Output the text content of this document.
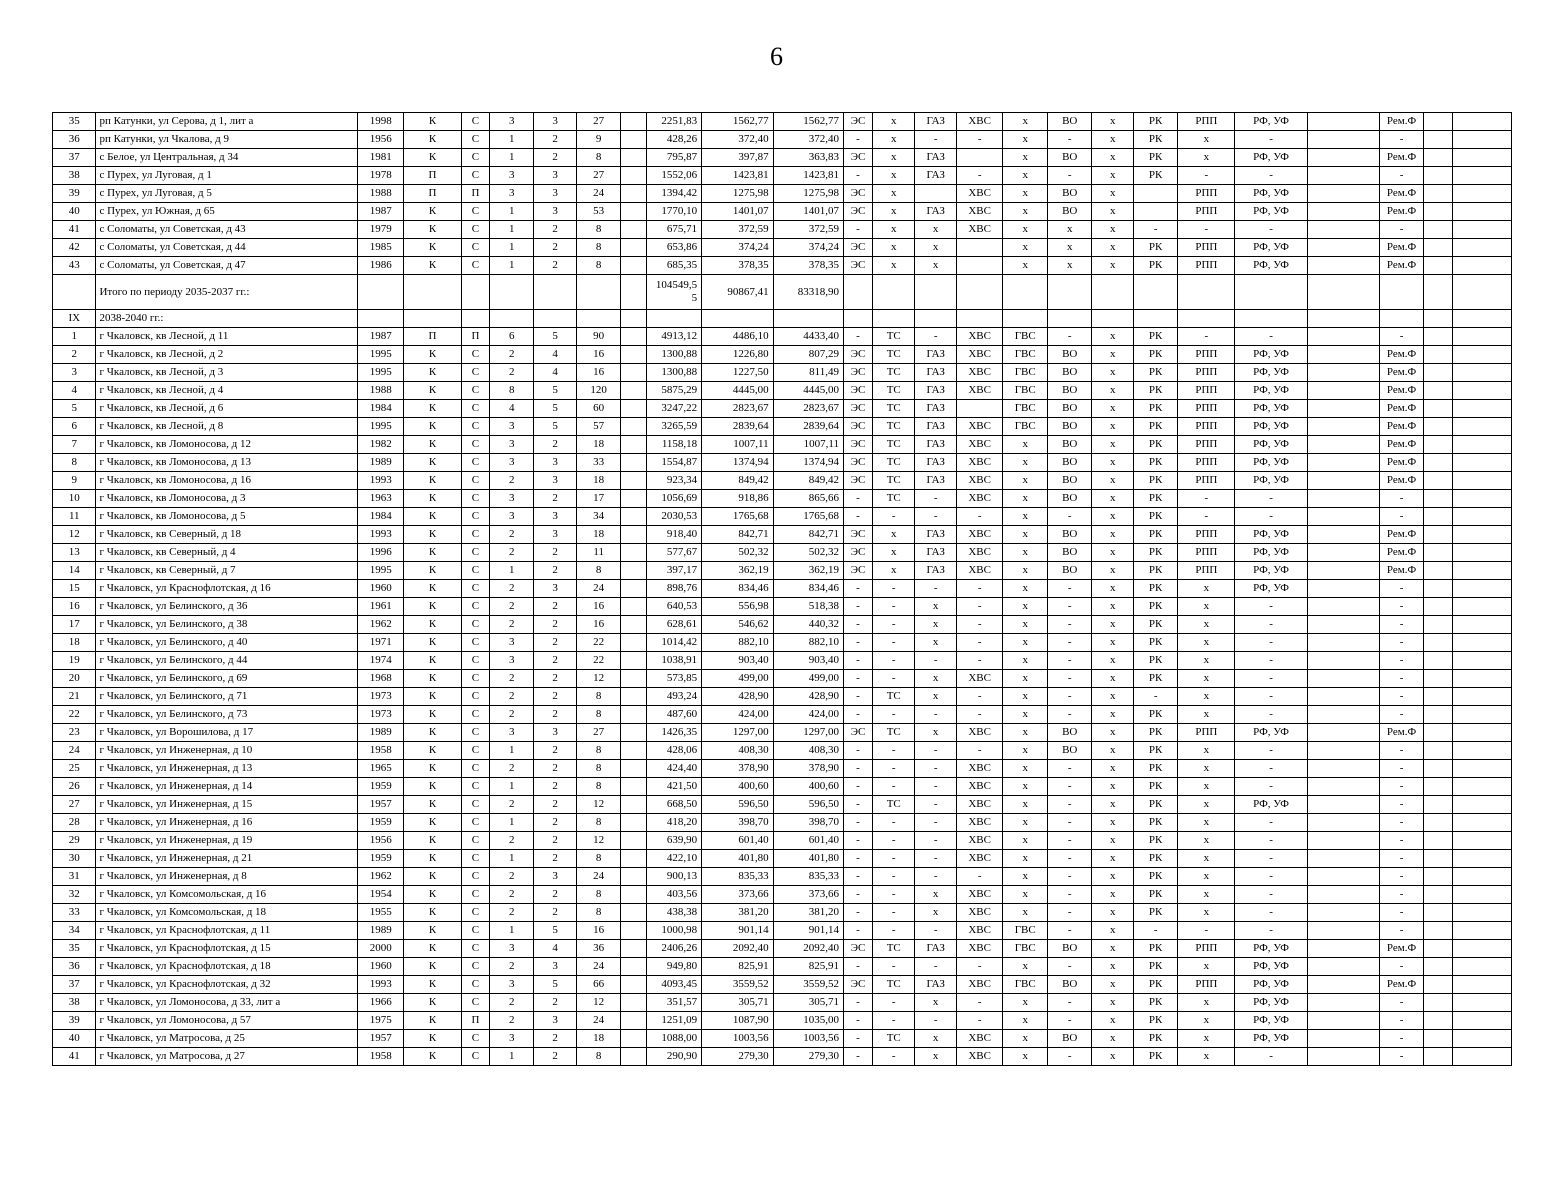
6
35	рп Катунки, ул Серова, д 1, лит а	1998	К	С	3	3	27		2251,83	1562,77	1562,77	ЭС	х	ГАЗ	ХВС	х	ВО	х	РК	РПП	РФ, УФ		Рем.Ф		
36	рп Катунки, ул Чкалова, д 9	1956	К	С	1	2	9		428,26	372,40	372,40	-	х	-	-	х	-	х	РК	х	-		-		
37	с Белое, ул Центральная, д 34	1981	К	С	1	2	8		795,87	397,87	363,83	ЭС	х	ГАЗ		х	ВО	х	РК	х	РФ, УФ		Рем.Ф		
38	с Пурех, ул Луговая, д 1	1978	П	С	3	3	27		1552,06	1423,81	1423,81	-	х	ГАЗ	-	х	-	х	РК	-	-		-		
39	с Пурех, ул Луговая, д 5	1988	П	П	3	3	24		1394,42	1275,98	1275,98	ЭС	х		ХВС	х	ВО	х		РПП	РФ, УФ		Рем.Ф		
40	с Пурех, ул Южная, д 65	1987	К	С	1	3	53		1770,10	1401,07	1401,07	ЭС	х	ГАЗ	ХВС	х	ВО	х		РПП	РФ, УФ		Рем.Ф		
41	с Соломаты, ул Советская, д 43	1979	К	С	1	2	8		675,71	372,59	372,59	-	х	х	ХВС	х	х	х	-	-	-		-		
42	с Соломаты, ул Советская, д 44	1985	К	С	1	2	8		653,86	374,24	374,24	ЭС	х	х		х	х	х	РК	РПП	РФ, УФ		Рем.Ф		
43	с Соломаты, ул Советская, д 47	1986	К	С	1	2	8		685,35	378,35	378,35	ЭС	х	х		х	х	х	РК	РПП	РФ, УФ		Рем.Ф		
	Итого по периоду 2035-2037 гг.:								104549,5 5	90867,41	83318,90														
IX	2038-2040 гг.:																								
1	г Чкаловск, кв Лесной, д 11	1987	П	П	6	5	90		4913,12	4486,10	4433,40	-	ТС	-	ХВС	ГВС	-	х	РК	-	-		-		
2	г Чкаловск, кв Лесной, д 2	1995	К	С	2	4	16		1300,88	1226,80	807,29	ЭС	ТС	ГАЗ	ХВС	ГВС	ВО	х	РК	РПП	РФ, УФ		Рем.Ф		
3	г Чкаловск, кв Лесной, д 3	1995	К	С	2	4	16		1300,88	1227,50	811,49	ЭС	ТС	ГАЗ	ХВС	ГВС	ВО	х	РК	РПП	РФ, УФ		Рем.Ф		
4	г Чкаловск, кв Лесной, д 4	1988	К	С	8	5	120		5875,29	4445,00	4445,00	ЭС	ТС	ГАЗ	ХВС	ГВС	ВО	х	РК	РПП	РФ, УФ		Рем.Ф		
5	г Чкаловск, кв Лесной, д 6	1984	К	С	4	5	60		3247,22	2823,67	2823,67	ЭС	ТС	ГАЗ		ГВС	ВО	х	РК	РПП	РФ, УФ		Рем.Ф		
6	г Чкаловск, кв Лесной, д 8	1995	К	С	3	5	57		3265,59	2839,64	2839,64	ЭС	ТС	ГАЗ	ХВС	ГВС	ВО	х	РК	РПП	РФ, УФ		Рем.Ф		
7	г Чкаловск, кв Ломоносова, д 12	1982	К	С	3	2	18		1158,18	1007,11	1007,11	ЭС	ТС	ГАЗ	ХВС	х	ВО	х	РК	РПП	РФ, УФ		Рем.Ф		
8	г Чкаловск, кв Ломоносова, д 13	1989	К	С	3	3	33		1554,87	1374,94	1374,94	ЭС	ТС	ГАЗ	ХВС	х	ВО	х	РК	РПП	РФ, УФ		Рем.Ф		
9	г Чкаловск, кв Ломоносова, д 16	1993	К	С	2	3	18		923,34	849,42	849,42	ЭС	ТС	ГАЗ	ХВС	х	ВО	х	РК	РПП	РФ, УФ		Рем.Ф		
10	г Чкаловск, кв Ломоносова, д 3	1963	К	С	3	2	17		1056,69	918,86	865,66	-	ТС	-	ХВС	х	ВО	х	РК	-	-		-		
11	г Чкаловск, кв Ломоносова, д 5	1984	К	С	3	3	34		2030,53	1765,68	1765,68	-	-	-	-	х	-	х	РК	-	-		-		
12	г Чкаловск, кв Северный, д 18	1993	К	С	2	3	18		918,40	842,71	842,71	ЭС	х	ГАЗ	ХВС	х	ВО	х	РК	РПП	РФ, УФ		Рем.Ф		
13	г Чкаловск, кв Северный, д 4	1996	К	С	2	2	11		577,67	502,32	502,32	ЭС	х	ГАЗ	ХВС	х	ВО	х	РК	РПП	РФ, УФ		Рем.Ф		
14	г Чкаловск, кв Северный, д 7	1995	К	С	1	2	8		397,17	362,19	362,19	ЭС	х	ГАЗ	ХВС	х	ВО	х	РК	РПП	РФ, УФ		Рем.Ф		
15	г Чкаловск, ул Краснофлотская, д 16	1960	К	С	2	3	24		898,76	834,46	834,46	-	-	-	-	х	-	х	РК	х	РФ, УФ		-		
16	г Чкаловск, ул Белинского, д 36	1961	К	С	2	2	16		640,53	556,98	518,38	-	-	х	-	х	-	х	РК	х	-		-		
17	г Чкаловск, ул Белинского, д 38	1962	К	С	2	2	16		628,61	546,62	440,32	-	-	х	-	х	-	х	РК	х	-		-		
18	г Чкаловск, ул Белинского, д 40	1971	К	С	3	2	22		1014,42	882,10	882,10	-	-	х	-	х	-	х	РК	х	-		-		
19	г Чкаловск, ул Белинского, д 44	1974	К	С	3	2	22		1038,91	903,40	903,40	-	-	-	-	х	-	х	РК	х	-		-		
20	г Чкаловск, ул Белинского, д 69	1968	К	С	2	2	12		573,85	499,00	499,00	-	-	х	ХВС	х	-	х	РК	х	-		-		
21	г Чкаловск, ул Белинского, д 71	1973	К	С	2	2	8		493,24	428,90	428,90	-	ТС	х	-	х	-	х	-	х	-		-		
22	г Чкаловск, ул Белинского, д 73	1973	К	С	2	2	8		487,60	424,00	424,00	-	-	-	-	х	-	х	РК	х	-		-		
23	г Чкаловск, ул Ворошилова, д 17	1989	К	С	3	3	27		1426,35	1297,00	1297,00	ЭС	ТС	х	ХВС	х	ВО	х	РК	РПП	РФ, УФ		Рем.Ф		
24	г Чкаловск, ул Инженерная, д 10	1958	К	С	1	2	8		428,06	408,30	408,30	-	-	-	-	х	ВО	х	РК	х	-		-		
25	г Чкаловск, ул Инженерная, д 13	1965	К	С	2	2	8		424,40	378,90	378,90	-	-	-	ХВС	х	-	х	РК	х	-		-		
26	г Чкаловск, ул Инженерная, д 14	1959	К	С	1	2	8		421,50	400,60	400,60	-	-	-	ХВС	х	-	х	РК	х	-		-		
27	г Чкаловск, ул Инженерная, д 15	1957	К	С	2	2	12		668,50	596,50	596,50	-	ТС	-	ХВС	х	-	х	РК	х	РФ, УФ		-		
28	г Чкаловск, ул Инженерная, д 16	1959	К	С	1	2	8		418,20	398,70	398,70	-	-	-	ХВС	х	-	х	РК	х	-		-		
29	г Чкаловск, ул Инженерная, д 19	1956	К	С	2	2	12		639,90	601,40	601,40	-	-	-	ХВС	х	-	х	РК	х	-		-		
30	г Чкаловск, ул Инженерная, д 21	1959	К	С	1	2	8		422,10	401,80	401,80	-	-	-	ХВС	х	-	х	РК	х	-		-		
31	г Чкаловск, ул Инженерная, д 8	1962	К	С	2	3	24		900,13	835,33	835,33	-	-	-	-	х	-	х	РК	х	-		-		
32	г Чкаловск, ул Комсомольская, д 16	1954	К	С	2	2	8		403,56	373,66	373,66	-	-	х	ХВС	х	-	х	РК	х	-		-		
33	г Чкаловск, ул Комсомольская, д 18	1955	К	С	2	2	8		438,38	381,20	381,20	-	-	х	ХВС	х	-	х	РК	х	-		-		
34	г Чкаловск, ул Краснофлотская, д 11	1989	К	С	1	5	16		1000,98	901,14	901,14	-	-	-	ХВС	ГВС	-	х	-	-	-		-		
35	г Чкаловск, ул Краснофлотская, д 15	2000	К	С	3	4	36		2406,26	2092,40	2092,40	ЭС	ТС	ГАЗ	ХВС	ГВС	ВО	х	РК	РПП	РФ, УФ		Рем.Ф		
36	г Чкаловск, ул Краснофлотская, д 18	1960	К	С	2	3	24		949,80	825,91	825,91	-	-	-	-	х	-	х	РК	х	РФ, УФ		-		
37	г Чкаловск, ул Краснофлотская, д 32	1993	К	С	3	5	66		4093,45	3559,52	3559,52	ЭС	ТС	ГАЗ	ХВС	ГВС	ВО	х	РК	РПП	РФ, УФ		Рем.Ф		
38	г Чкаловск, ул Ломоносова, д 33, лит а	1966	К	С	2	2	12		351,57	305,71	305,71	-	-	х	-	х	-	х	РК	х	РФ, УФ		-		
39	г Чкаловск, ул Ломоносова, д 57	1975	К	П	2	3	24		1251,09	1087,90	1035,00	-	-	-	-	х	-	х	РК	х	РФ, УФ		-		
40	г Чкаловск, ул Матросова, д 25	1957	К	С	3	2	18		1088,00	1003,56	1003,56	-	ТС	х	ХВС	х	ВО	х	РК	х	РФ, УФ		-		
41	г Чкаловск, ул Матросова, д 27	1958	К	С	1	2	8		290,90	279,30	279,30	-	-	х	ХВС	х	-	х	РК	х	-		-		
